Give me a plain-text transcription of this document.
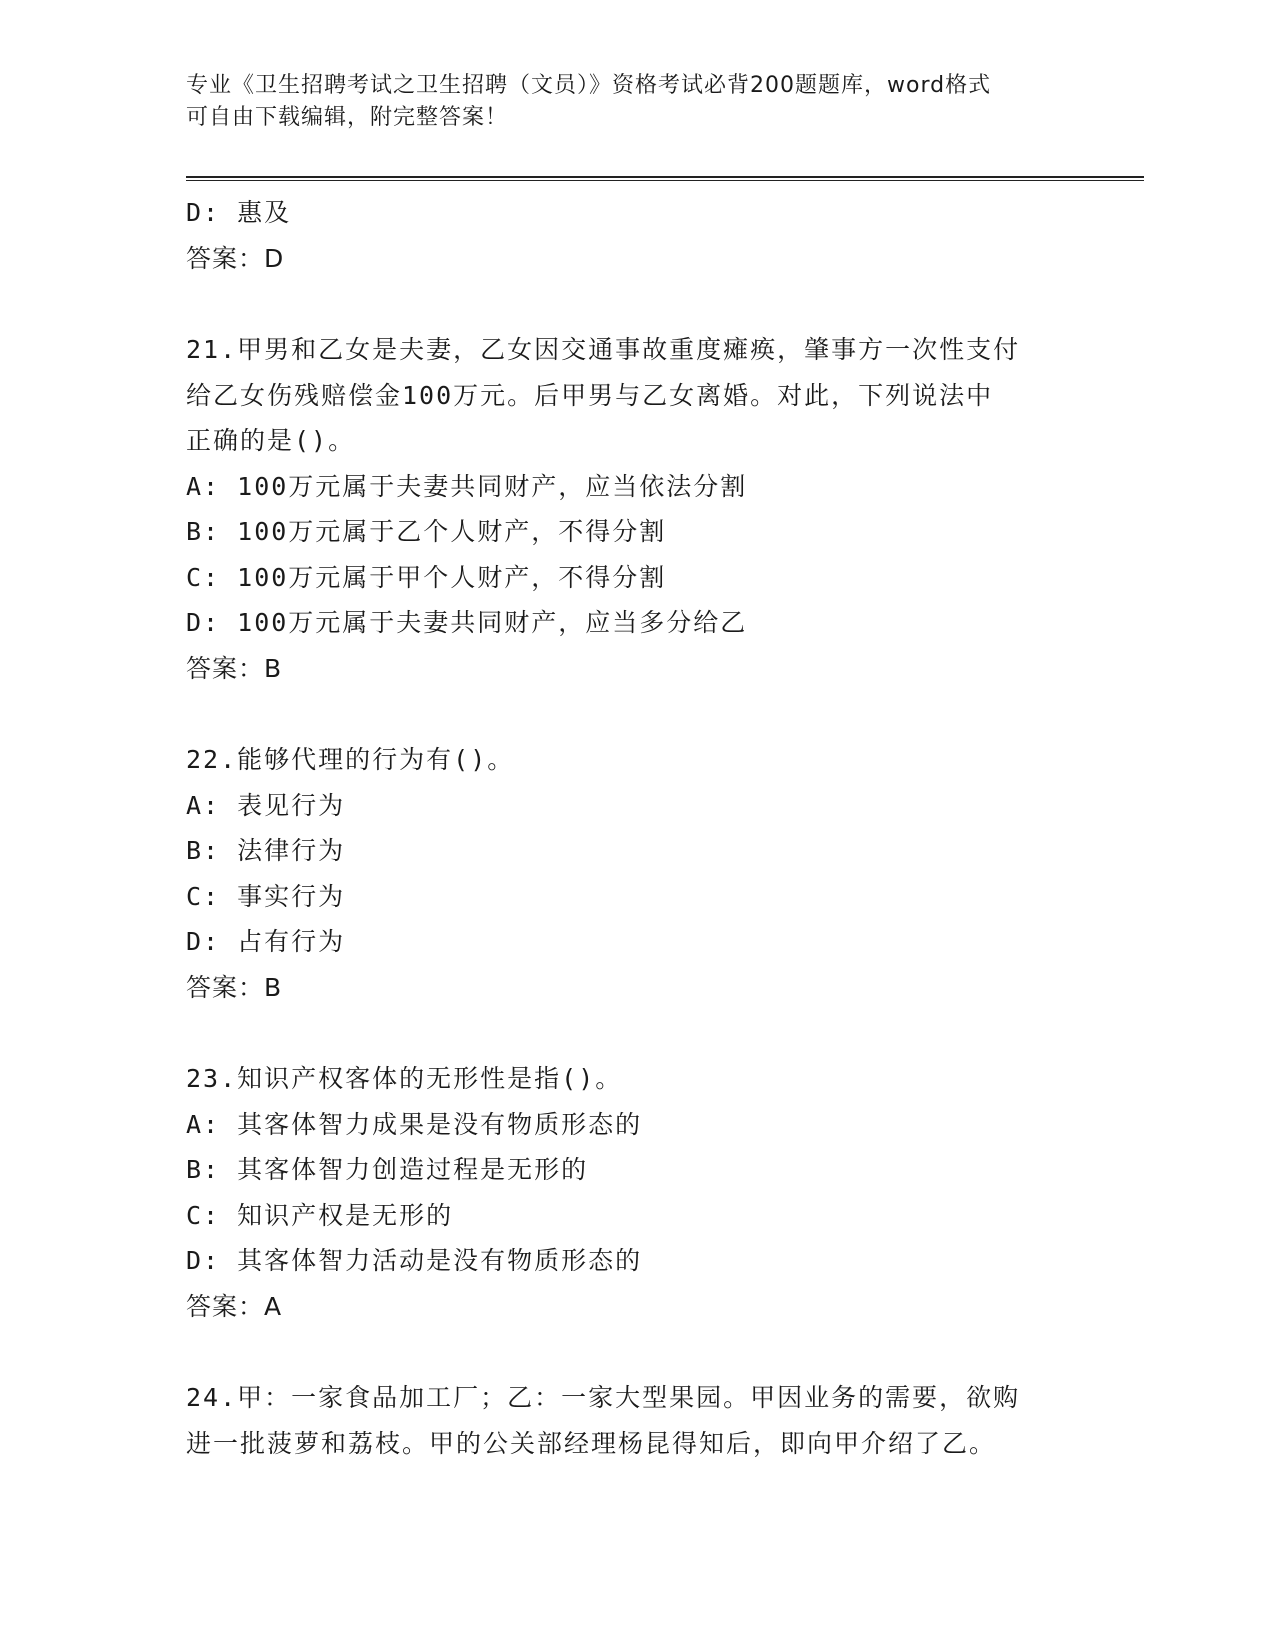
专业《卫生招聘考试之卫生招聘（文员）》资格考试必背200题题库，word格式
可自由下载编辑，附完整答案！
D: 惠及
答案：D
21.甲男和乙女是夫妻，乙女因交通事故重度瘫痪，肇事方一次性支付
给乙女伤残赔偿金100万元。后甲男与乙女离婚。对此，下列说法中
正确的是()。
A: 100万元属于夫妻共同财产，应当依法分割
B: 100万元属于乙个人财产，不得分割
C: 100万元属于甲个人财产，不得分割
D: 100万元属于夫妻共同财产，应当多分给乙
答案：B
22.能够代理的行为有()。
A: 表见行为
B: 法律行为
C: 事实行为
D: 占有行为
答案：B
23.知识产权客体的无形性是指()。
A: 其客体智力成果是没有物质形态的
B: 其客体智力创造过程是无形的
C: 知识产权是无形的
D: 其客体智力活动是没有物质形态的
答案：A
24.甲：一家食品加工厂；乙：一家大型果园。甲因业务的需要，欲购
进一批菠萝和荔枝。甲的公关部经理杨昆得知后，即向甲介绍了乙。
